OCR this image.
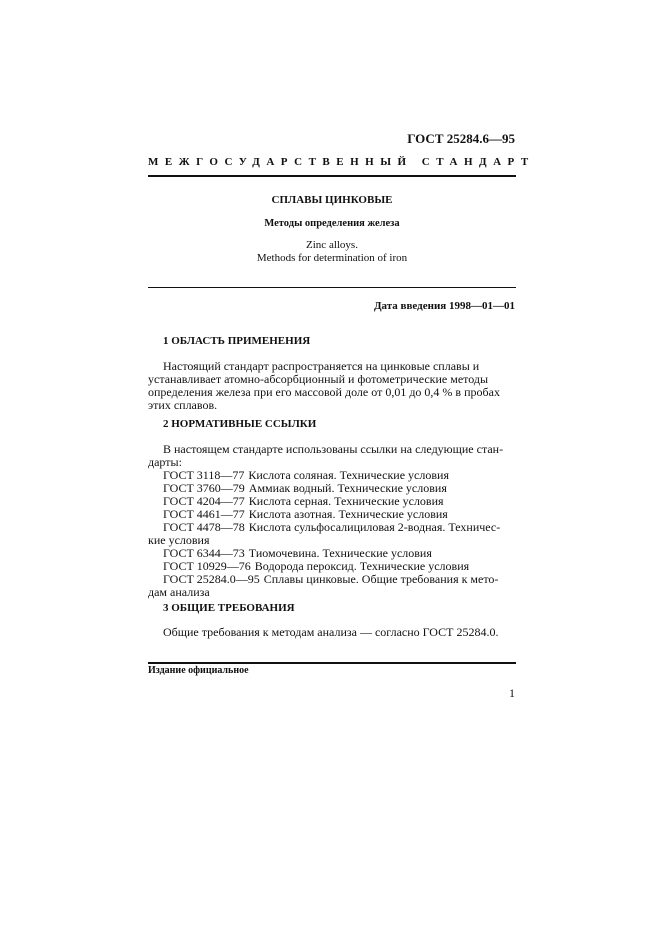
ГОСТ 25284.6—95
МЕЖГОСУДАРСТВЕННЫЙ СТАНДАРТ
СПЛАВЫ ЦИНКОВЫЕ
Методы определения железа
Zinc alloys.
Methods for determination of iron
Дата введения 1998—01—01
1 ОБЛАСТЬ ПРИМЕНЕНИЯ
Настоящий стандарт распространяется на цинковые сплавы и
устанавливает атомно-абсорбционный и фотометрические методы
определения железа при его массовой доле от 0,01 до 0,4 % в пробах
этих сплавов.
2 НОРМАТИВНЫЕ ССЫЛКИ
В настоящем стандарте использованы ссылки на следующие стан-
дарты:
ГОСТ 3118—77 Кислота соляная. Технические условия
ГОСТ 3760—79 Аммиак водный. Технические условия
ГОСТ 4204—77 Кислота серная. Технические условия
ГОСТ 4461—77 Кислота азотная. Технические условия
ГОСТ 4478—78 Кислота сульфосалициловая 2-водная. Техничес-
кие условия
ГОСТ 6344—73 Тиомочевина. Технические условия
ГОСТ 10929—76 Водорода пероксид. Технические условия
ГОСТ 25284.0—95 Сплавы цинковые. Общие требования к мето-
дам анализа
3 ОБЩИЕ ТРЕБОВАНИЯ
Общие требования к методам анализа — согласно ГОСТ 25284.0.
Издание официальное
1
